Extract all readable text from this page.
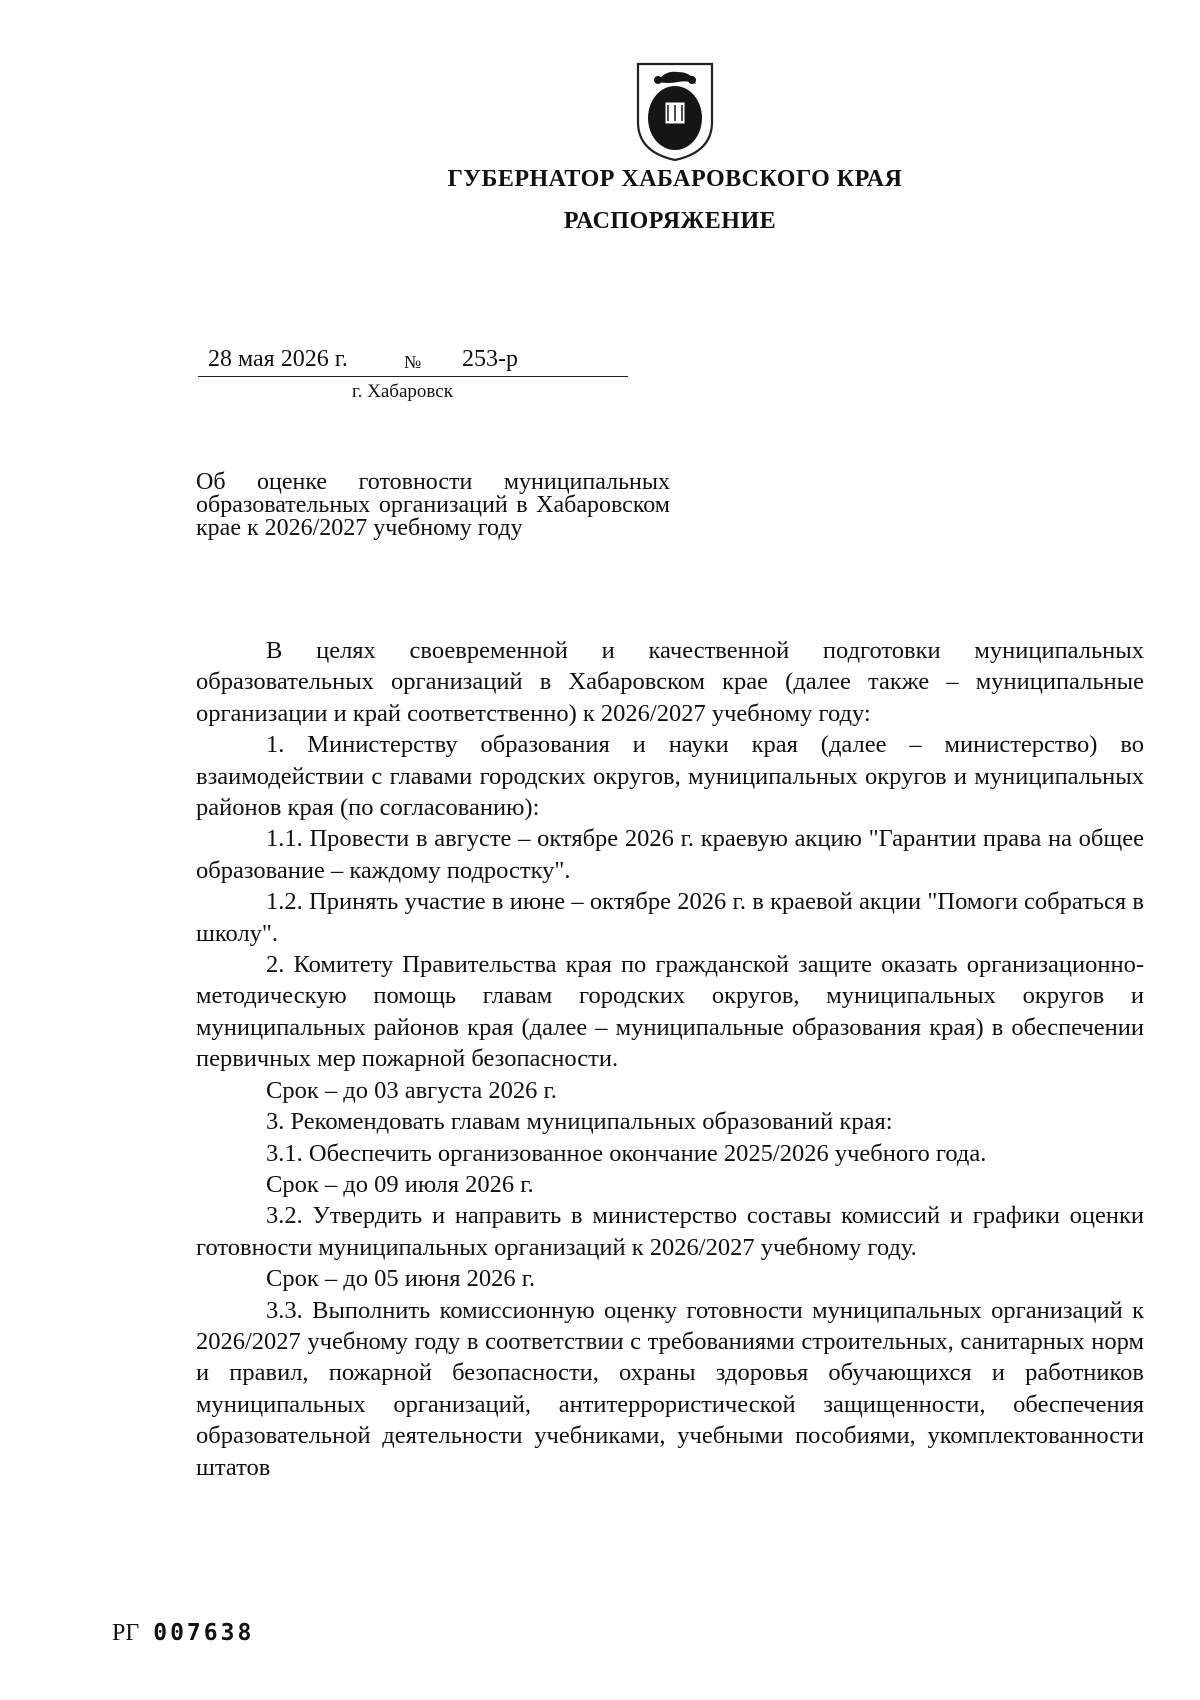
ГУБЕРНАТОР ХАБАРОВСКОГО КРАЯ
РАСПОРЯЖЕНИЕ
28 мая 2026 г.	№ 253-р
г. Хабаровск
Об оценке готовности муниципальных образовательных организаций в Хабаровском крае к 2026/2027 учебному году

В целях своевременной и качественной подготовки муниципальных образовательных организаций в Хабаровском крае (далее также – муниципальные организации и край соответственно) к 2026/2027 учебному году:

1. Министерству образования и науки края (далее – министерство) во взаимодействии с главами городских округов, муниципальных округов и муниципальных районов края (по согласованию):

1.1. Провести в августе – октябре 2026 г. краевую акцию "Гарантии права на общее образование – каждому подростку".

1.2. Принять участие в июне – октябре 2026 г. в краевой акции "Помоги собраться в школу".

2. Комитету Правительства края по гражданской защите оказать организационно-методическую помощь главам городских округов, муниципальных округов и муниципальных районов края (далее – муниципальные образования края) в обеспечении первичных мер пожарной безопасности.

Срок – до 03 августа 2026 г.

3. Рекомендовать главам муниципальных образований края:

3.1. Обеспечить организованное окончание 2025/2026 учебного года.

Срок – до 09 июля 2026 г.

3.2. Утвердить и направить в министерство составы комиссий и графики оценки готовности муниципальных организаций к 2026/2027 учебному году.

Срок – до 05 июня 2026 г.

3.3. Выполнить комиссионную оценку готовности муниципальных организаций к 2026/2027 учебному году в соответствии с требованиями строительных, санитарных норм и правил, пожарной безопасности, охраны здоровья обучающихся и работников муниципальных организаций, антитеррористической защищенности, обеспечения образовательной деятельности учебниками, учебными пособиями, укомплектованности штатов

РГ 007638
